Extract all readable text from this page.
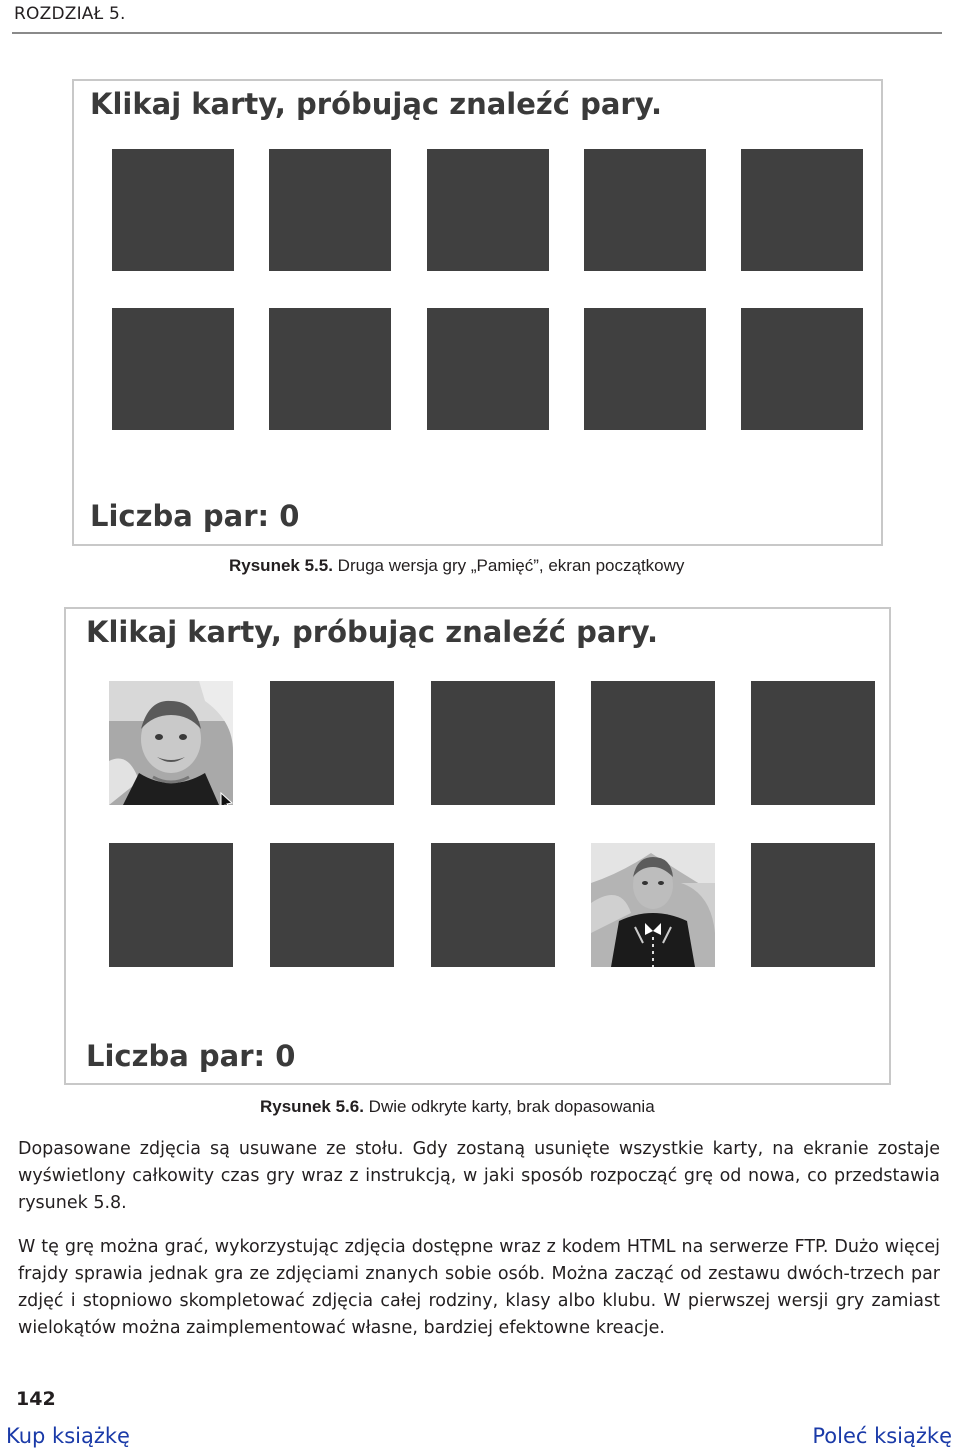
ROZDZIAŁ 5.
Klikaj karty, próbując znaleźć pary.
Liczba par: 0
Rysunek 5.5. Druga wersja gry „Pamięć”, ekran początkowy
Klikaj karty, próbując znaleźć pary.
Liczba par: 0
Rysunek 5.6. Dwie odkryte karty, brak dopasowania

Dopasowane zdjęcia są usuwane ze stołu. Gdy zostaną usunięte wszystkie karty, na ekranie zostaje wyświetlony całkowity czas gry wraz z instrukcją, w jaki sposób rozpocząć grę od nowa, co przedstawia rysunek 5.8.

W tę grę można grać, wykorzystując zdjęcia dostępne wraz z kodem HTML na serwerze FTP. Dużo więcej frajdy sprawia jednak gra ze zdjęciami znanych sobie osób. Można zacząć od zestawu dwóch-trzech par zdjęć i stopniowo skompletować zdjęcia całej rodziny, klasy albo klubu. W pierwszej wersji gry zamiast wielokątów można zaimplementować własne, bardziej efektowne kreacje.

142
Kup książkę	Poleć książkę
